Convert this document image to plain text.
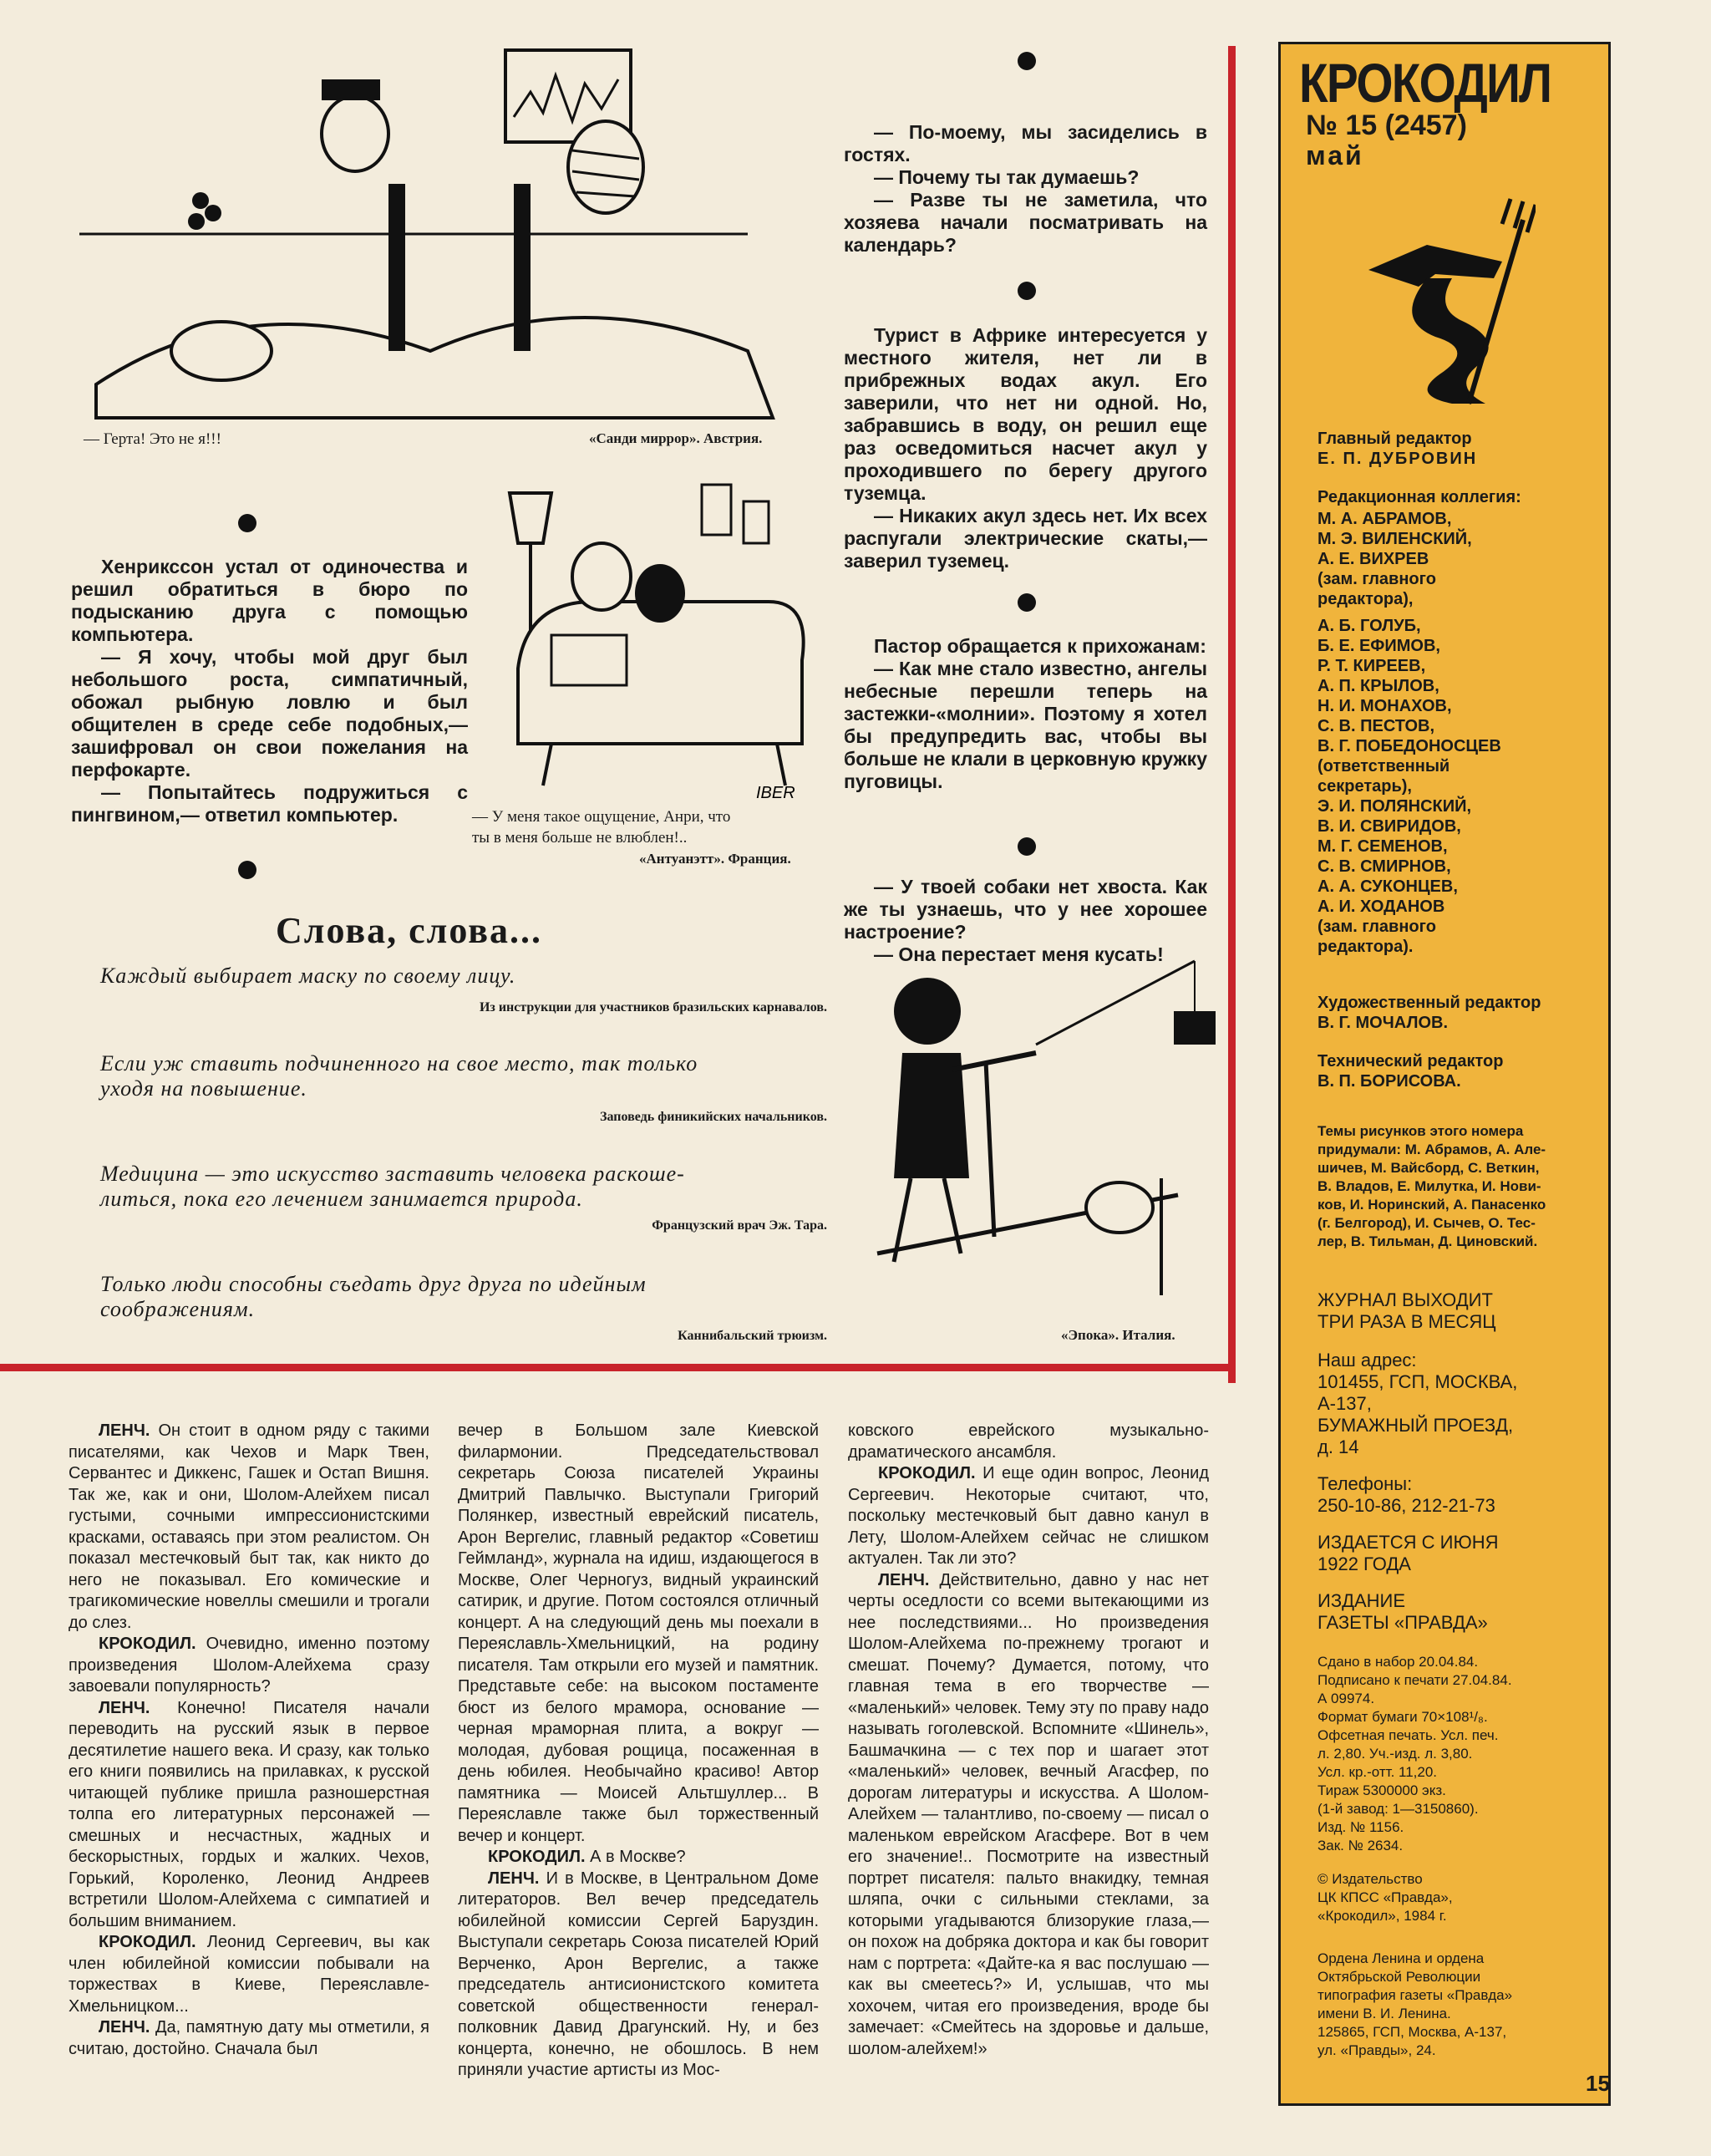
— Герта! Это не я!!!	«Санди миррор». Австрия.

Хенрикссон устал от одиночества и решил обратиться в бюро по подысканию друга с помощью компьютера.

— Я хочу, чтобы мой друг был небольшого роста, симпатичный, обожал рыбную ловлю и был общителен в среде себе подобных,— зашифровал он свои пожелания на перфокарте.

— Попытайтесь подружиться с пингвином,— ответил компьютер.

IBER
— У меня такое ощущение, Анри, что
ты в меня больше не влюблен!..
«Антуанэтт». Франция.

— По-моему, мы засиделись в гостях.

— Почему ты так думаешь?

— Разве ты не заметила, что хозяева начали посматривать на календарь?

Турист в Африке интересуется у местного жителя, нет ли в прибрежных водах акул. Его заверили, что нет ни одной. Но, забравшись в воду, он решил еще раз осведомиться насчет акул у проходившего по берегу другого туземца.

— Никаких акул здесь нет. Их всех распугали электрические скаты,— заверил туземец.

Пастор обращается к прихожанам:

— Как мне стало известно, ангелы небесные перешли теперь на застежки-«молнии». Поэтому я хотел бы предупредить вас, чтобы вы больше не клали в церковную кружку пуговицы.

— У твоей собаки нет хвоста. Как же ты узнаешь, что у нее хорошее настроение?

— Она перестает меня кусать!

«Эпока». Италия.
Слова, слова...
Каждый выбирает маску по своему лицу.
Из инструкции для участников бразильских карнавалов.
Если уж ставить подчиненного на свое место, так только
уходя на повышение.
Заповедь финикийских начальников.
Медицина — это искусство заставить человека раскоше-
литься, пока его лечением занимается природа.
Французский врач Эж. Тара.
Только люди способны съедать друг друга по идейным
соображениям.
Каннибальский трюизм.
КРОКОДИЛ
№ 15 (2457)
май
Главный редактор
Е. П. ДУБРОВИН
Редакционная коллегия:
М. А. АБРАМОВ,
М. Э. ВИЛЕНСКИЙ,
А. Е. ВИХРЕВ
(зам. главного
редактора),
А. Б. ГОЛУБ,
Б. Е. ЕФИМОВ,
Р. Т. КИРЕЕВ,
А. П. КРЫЛОВ,
Н. И. МОНАХОВ,
С. В. ПЕСТОВ,
В. Г. ПОБЕДОНОСЦЕВ
(ответственный
секретарь),
Э. И. ПОЛЯНСКИЙ,
В. И. СВИРИДОВ,
М. Г. СЕМЕНОВ,
С. В. СМИРНОВ,
А. А. СУКОНЦЕВ,
А. И. ХОДАНОВ
(зам. главного
редактора).
Художественный редактор
В. Г. МОЧАЛОВ.
Технический редактор
В. П. БОРИСОВА.
Темы рисунков этого номера
придумали: М. Абрамов, А. Але-
шичев, М. Вайсборд, С. Веткин,
В. Владов, Е. Милутка, И. Нови-
ков, И. Норинский, А. Панасенко
(г. Белгород), И. Сычев, О. Тес-
лер, В. Тильман, Д. Циновский.
ЖУРНАЛ ВЫХОДИТ
ТРИ РАЗА В МЕСЯЦ
Наш адрес:
101455, ГСП, МОСКВА,
А-137,
БУМАЖНЫЙ ПРОЕЗД,
д. 14
Телефоны:
250-10-86, 212-21-73
ИЗДАЕТСЯ С ИЮНЯ
1922 ГОДА
ИЗДАНИЕ
ГАЗЕТЫ «ПРАВДА»
Сдано в набор 20.04.84.
Подписано к печати 27.04.84.
А 09974.
Формат бумаги 70×108¹/₈.
Офсетная печать. Усл. печ.
л. 2,80. Уч.-изд. л. 3,80.
Усл. кр.-отт. 11,20.
Тираж 5300000 экз.
(1-й завод: 1—3150860).
Изд. № 1156.
Зак. № 2634.
© Издательство
ЦК КПСС «Правда»,
«Крокодил», 1984 г.
Ордена Ленина и ордена
Октябрьской Революции
типография газеты «Правда»
имени В. И. Ленина.
125865, ГСП, Москва, А-137,
ул. «Правды», 24.

ЛЕНЧ. Он стоит в одном ряду с такими писателями, как Чехов и Марк Твен, Сервантес и Диккенс, Гашек и Остап Вишня. Так же, как и они, Шолом-Алейхем писал густыми, сочными импрессионистскими красками, оставаясь при этом реалистом. Он показал местечковый быт так, как никто до него не показывал. Его комические и трагикомические новеллы смешили и трогали до слез.

КРОКОДИЛ. Очевидно, именно поэтому произведения Шолом-Алейхема сразу завоевали популярность?

ЛЕНЧ. Конечно! Писателя начали переводить на русский язык в первое десятилетие нашего века. И сразу, как только его книги появились на прилавках, к русской читающей публике пришла разношерстная толпа его литературных персонажей — смешных и несчастных, жадных и бескорыстных, гордых и жалких. Чехов, Горький, Короленко, Леонид Андреев встретили Шолом-Алейхема с симпатией и большим вниманием.

КРОКОДИЛ. Леонид Сергеевич, вы как член юбилейной комиссии побывали на торжествах в Киеве, Переяславле-Хмельницком...

ЛЕНЧ. Да, памятную дату мы отметили, я считаю, достойно. Сначала был

вечер в Большом зале Киевской филармонии. Председательствовал секретарь Союза писателей Украины Дмитрий Павлычко. Выступали Григорий Полянкер, известный еврейский писатель, Арон Вергелис, главный редактор «Советиш Геймланд», журнала на идиш, издающегося в Москве, Олег Черногуз, видный украинский сатирик, и другие. Потом состоялся отличный концерт. А на следующий день мы поехали в Переяславль-Хмельницкий, на родину писателя. Там открыли его музей и памятник. Представьте себе: на высоком постаменте бюст из белого мрамора, основание — черная мраморная плита, а вокруг — молодая, дубовая рощица, посаженная в день юбилея. Необычайно красиво! Автор памятника — Моисей Альтшуллер... В Переяславле также был торжественный вечер и концерт.

КРОКОДИЛ. А в Москве?

ЛЕНЧ. И в Москве, в Центральном Доме литераторов. Вел вечер председатель юбилейной комиссии Сергей Баруздин. Выступали секретарь Союза писателей Юрий Верченко, Арон Вергелис, а также председатель антисионистского комитета советской общественности генерал-полковник Давид Драгунский. Ну, и без концерта, конечно, не обошлось. В нем приняли участие артисты из Мос-

ковского еврейского музыкально-драматического ансамбля.

КРОКОДИЛ. И еще один вопрос, Леонид Сергеевич. Некоторые считают, что, поскольку местечковый быт давно канул в Лету, Шолом-Алейхем сейчас не слишком актуален. Так ли это?

ЛЕНЧ. Действительно, давно у нас нет черты оседлости со всеми вытекающими из нее последствиями... Но произведения Шолом-Алейхема по-прежнему трогают и смешат. Почему? Думается, потому, что главная тема в его творчестве — «маленький» человек. Тему эту по праву надо называть гоголевской. Вспомните «Шинель», Башмачкина — с тех пор и шагает этот «маленький» человек, вечный Агасфер, по дорогам литературы и искусства. А Шолом-Алейхем — талантливо, по-своему — писал о маленьком еврейском Агасфере. Вот в чем его значение!.. Посмотрите на известный портрет писателя: пальто внакидку, темная шляпа, очки с сильными стеклами, за которыми угадываются близорукие глаза,— он похож на добряка доктора и как бы говорит нам с портрета: «Дайте-ка я вас послушаю — как вы смеетесь?» И, услышав, что мы хохочем, читая его произведения, вроде бы замечает: «Смейтесь на здоровье и дальше, шолом-алейхем!»

15
